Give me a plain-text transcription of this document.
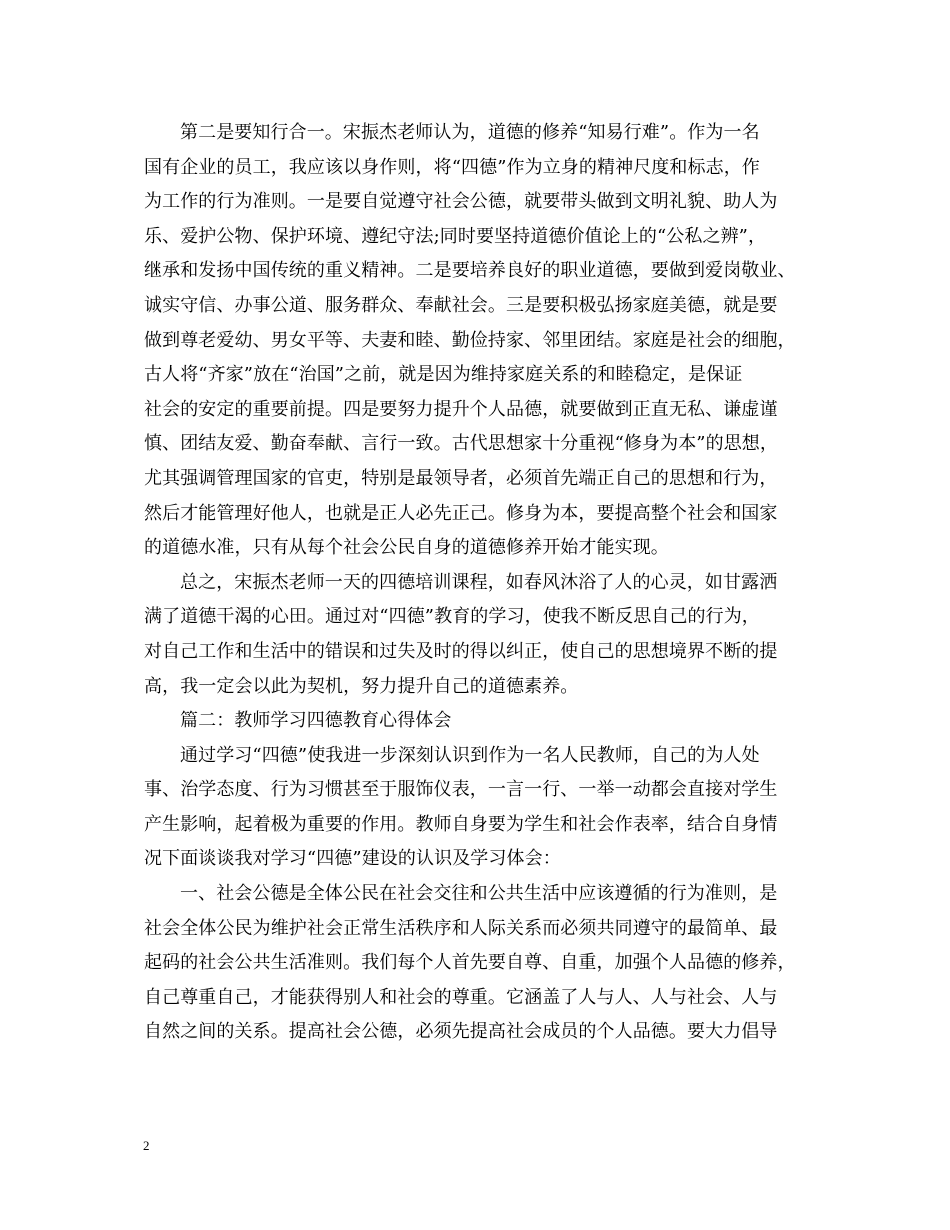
第二是要知行合一。宋振杰老师认为，道德的修养“知易行难”。作为一名
国有企业的员工，我应该以身作则，将“四德”作为立身的精神尺度和标志，作
为工作的行为准则。一是要自觉遵守社会公德，就要带头做到文明礼貌、助人为
乐、爱护公物、保护环境、遵纪守法;同时要坚持道德价值论上的“公私之辨”，
继承和发扬中国传统的重义精神。二是要培养良好的职业道德，要做到爱岗敬业、
诚实守信、办事公道、服务群众、奉献社会。三是要积极弘扬家庭美德，就是要
做到尊老爱幼、男女平等、夫妻和睦、勤俭持家、邻里团结。家庭是社会的细胞，
古人将“齐家”放在“治国”之前，就是因为维持家庭关系的和睦稳定，是保证
社会的安定的重要前提。四是要努力提升个人品德，就要做到正直无私、谦虚谨
慎、团结友爱、勤奋奉献、言行一致。古代思想家十分重视“修身为本”的思想，
尤其强调管理国家的官吏，特别是最领导者，必须首先端正自己的思想和行为，
然后才能管理好他人，也就是正人必先正己。修身为本，要提高整个社会和国家
的道德水准，只有从每个社会公民自身的道德修养开始才能实现。
总之，宋振杰老师一天的四德培训课程，如春风沐浴了人的心灵，如甘露洒
满了道德干渴的心田。通过对“四德”教育的学习，使我不断反思自己的行为，
对自己工作和生活中的错误和过失及时的得以纠正，使自己的思想境界不断的提
高，我一定会以此为契机，努力提升自己的道德素养。
篇二：教师学习四德教育心得体会
通过学习“四德”使我进一步深刻认识到作为一名人民教师，自己的为人处
事、治学态度、行为习惯甚至于服饰仪表，一言一行、一举一动都会直接对学生
产生影响，起着极为重要的作用。教师自身要为学生和社会作表率，结合自身情
况下面谈谈我对学习“四德”建设的认识及学习体会：
一、社会公德是全体公民在社会交往和公共生活中应该遵循的行为准则，是
社会全体公民为维护社会正常生活秩序和人际关系而必须共同遵守的最简单、最
起码的社会公共生活准则。我们每个人首先要自尊、自重，加强个人品德的修养，
自己尊重自己，才能获得别人和社会的尊重。它涵盖了人与人、人与社会、人与
自然之间的关系。提高社会公德，必须先提高社会成员的个人品德。要大力倡导
2
